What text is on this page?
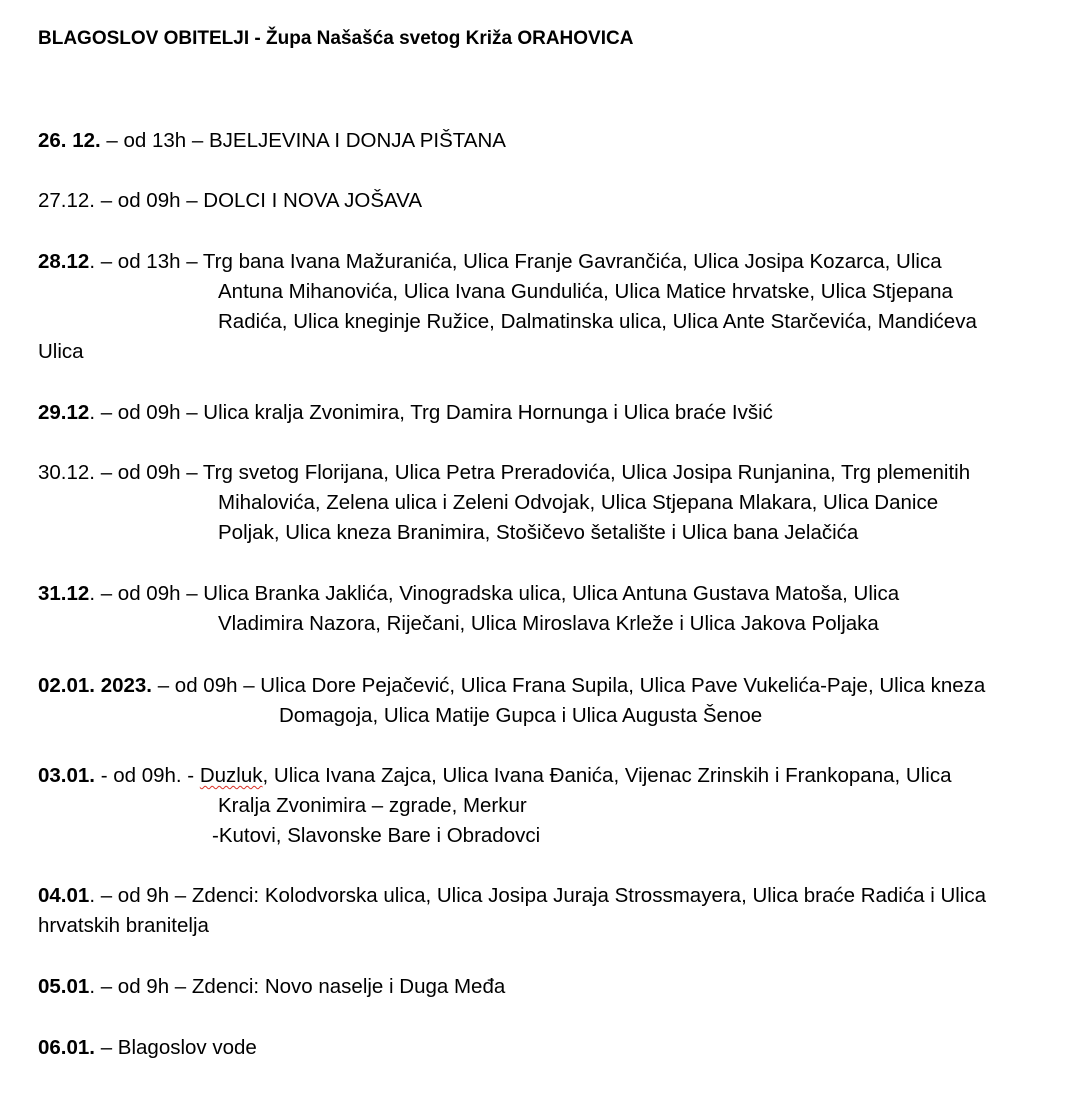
BLAGOSLOV OBITELJI - Župa Našašća svetog Križa ORAHOVICA
26. 12. – od 13h – BJELJEVINA I DONJA PIŠTANA
27.12. – od 09h – DOLCI I NOVA JOŠAVA
28.12. – od 13h – Trg bana Ivana Mažuranića, Ulica Franje Gavrančića, Ulica Josipa Kozarca, Ulica
Antuna Mihanovića, Ulica Ivana Gundulića, Ulica Matice hrvatske, Ulica Stjepana
Radića, Ulica kneginje Ružice, Dalmatinska ulica, Ulica Ante Starčevića, Mandićeva
Ulica
29.12. – od 09h – Ulica kralja Zvonimira, Trg Damira Hornunga i Ulica braće Ivšić
30.12. – od 09h – Trg svetog Florijana, Ulica Petra Preradovića, Ulica Josipa Runjanina, Trg plemenitih
Mihalovića, Zelena ulica i Zeleni Odvojak, Ulica Stjepana Mlakara, Ulica Danice
Poljak, Ulica kneza Branimira, Stošičevo šetalište i Ulica bana Jelačića
31.12. – od 09h – Ulica Branka Jaklića, Vinogradska ulica, Ulica Antuna Gustava Matoša, Ulica
Vladimira Nazora, Riječani, Ulica Miroslava Krleže i Ulica Jakova Poljaka
02.01. 2023. – od 09h – Ulica Dore Pejačević, Ulica Frana Supila, Ulica Pave Vukelića-Paje, Ulica kneza
Domagoja, Ulica Matije Gupca i Ulica Augusta Šenoe
03.01. - od 09h. - Duzluk, Ulica Ivana Zajca, Ulica Ivana Đanića, Vijenac Zrinskih i Frankopana, Ulica
Kralja Zvonimira – zgrade, Merkur
-Kutovi, Slavonske Bare i Obradovci
04.01. – od 9h – Zdenci: Kolodvorska ulica, Ulica Josipa Juraja Strossmayera, Ulica braće Radića i Ulica
hrvatskih branitelja
05.01. – od 9h – Zdenci: Novo naselje i Duga Međa
06.01. – Blagoslov vode
